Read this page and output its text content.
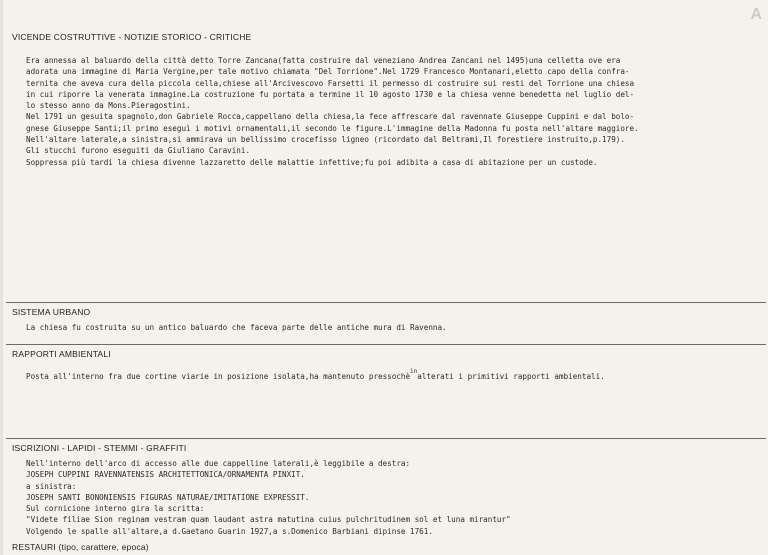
A
VICENDE COSTRUTTIVE - NOTIZIE STORICO - CRITICHE
Era annessa al baluardo della città detto Torre Zancana(fatta costruire dal veneziano Andrea Zancani nel 1495)una celletta ove era
adorata una immagine di Maria Vergine,per tale motivo chiamata "Del Torrione".Nel 1729 Francesco Montanari,eletto capo della confra-
ternita che aveva cura della piccola cella,chiese all'Arcivescovo Farsetti il permesso di costruire sui resti del Torrione una chiesa
in cui riporre la venerata immagine.La costruzione fu portata a termine il 10 agosto 1730 e la chiesa venne benedetta nel luglio del-
lo stesso anno da Mons.Pieragostini.
Nel 1791 un gesuita spagnolo,don Gabriele Rocca,cappellano della chiesa,la fece affrescare dal ravennate Giuseppe Cuppini e dal bolo-
gnese Giuseppe Santi;il primo eseguì i motivi ornamentali,il secondo le figure.L'immagine della Madonna fu posta nell'altare maggiore.
Nell'altare laterale,a sinistra,si ammirava un bellissimo crocefisso ligneo (ricordato dal Beltrami,Il forestiere instruito,p.179).
Gli stucchi furono eseguiti da Giuliano Caravini.
Soppressa più tardi la chiesa divenne lazzaretto delle malattie infettive;fu poi adibita a casa di abitazione per un custode.
SISTEMA URBANO
La chiesa fu costruita su un antico baluardo che faceva parte delle antiche mura di Ravenna.
RAPPORTI AMBIENTALI
Posta all'interno fra due cortine viarie in posizione isolata,ha mantenuto pressochè$^{in}$alterati i primitivi rapporti ambientali.
ISCRIZIONI - LAPIDI - STEMMI - GRAFFITI
Nell'interno dell'arco di accesso alle due cappelline laterali,è leggibile a destra:
JOSEPH CUPPINI RAVENNATENSIS ARCHITETTONICA/ORNAMENTA PINXIT.
a sinistra:
JOSEPH SANTI BONONIENSIS FIGURAS NATURAE/IMITATIONE EXPRESSIT.
Sul cornicione interno gira la scritta:
"Videte filiae Sion reginam vestram quam laudant astra matutina cuius pulchritudinem sol et luna mirantur"
Volgendo le spalle all'altare,a d.Gaetano Guarin 1927,a s.Domenico Barbiani dipinse 1761.
RESTAURI (tipo, carattere, epoca)
